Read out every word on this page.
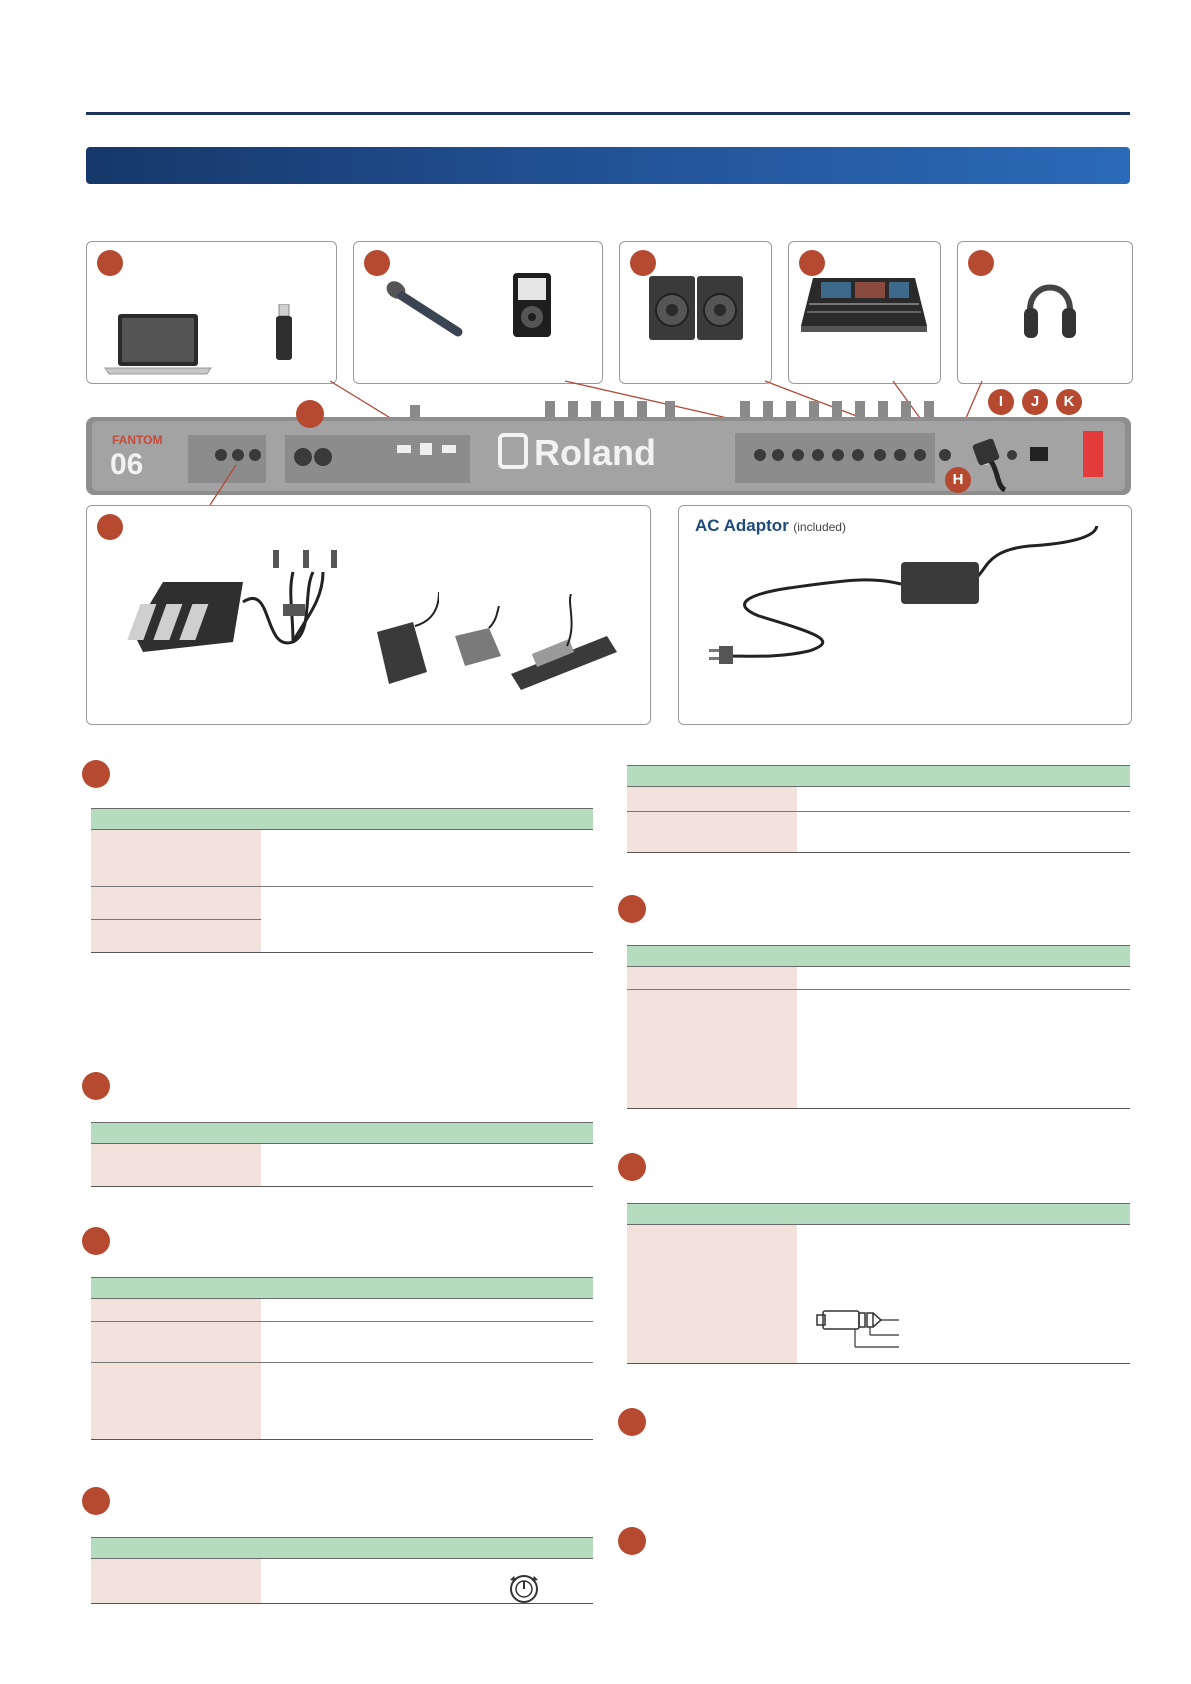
FANTOM
06	Roland
I	J	K
H
AC Adaptor (included)
